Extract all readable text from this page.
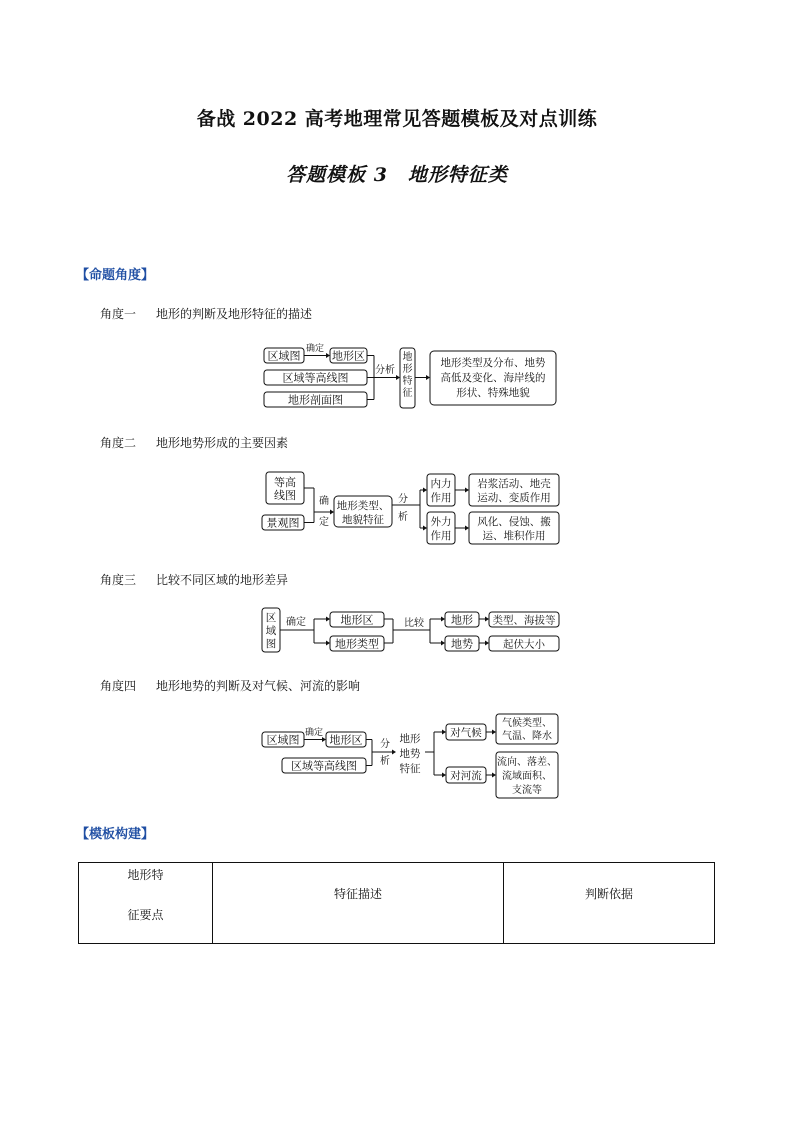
备战 2022 高考地理常见答题模板及对点训练
答题模板 3　地形特征类
【命题角度】
角度一 地形的判断及地形特征的描述
区域图
确定
地形区
区域等高线图
地形剖面图
分析
地
形
特
征
地形类型及分布、地势
高低及变化、海岸线的
形状、特殊地貌
角度二 地形地势形成的主要因素
等高
线图
景观图
确
定
地形类型、
地貌特征
分
析
内力
作用
岩浆活动、地壳
运动、变质作用
外力
作用
风化、侵蚀、搬
运、堆积作用
角度三 比较不同区域的地形差异
区
域
图
确定	地形区
地形类型
比较 地形
地势
类型、海拔等
起伏大小
角度四 地形地势的判断及对气候、河流的影响
区域图
确定
地形区
区域等高线图
分
析
地形
地势
特征
对气候
气候类型、
气温、降水
对河流
流向、落差、
流域面积、
支流等
【模板构建】
地形特

征要点

特征描述	判断依据
